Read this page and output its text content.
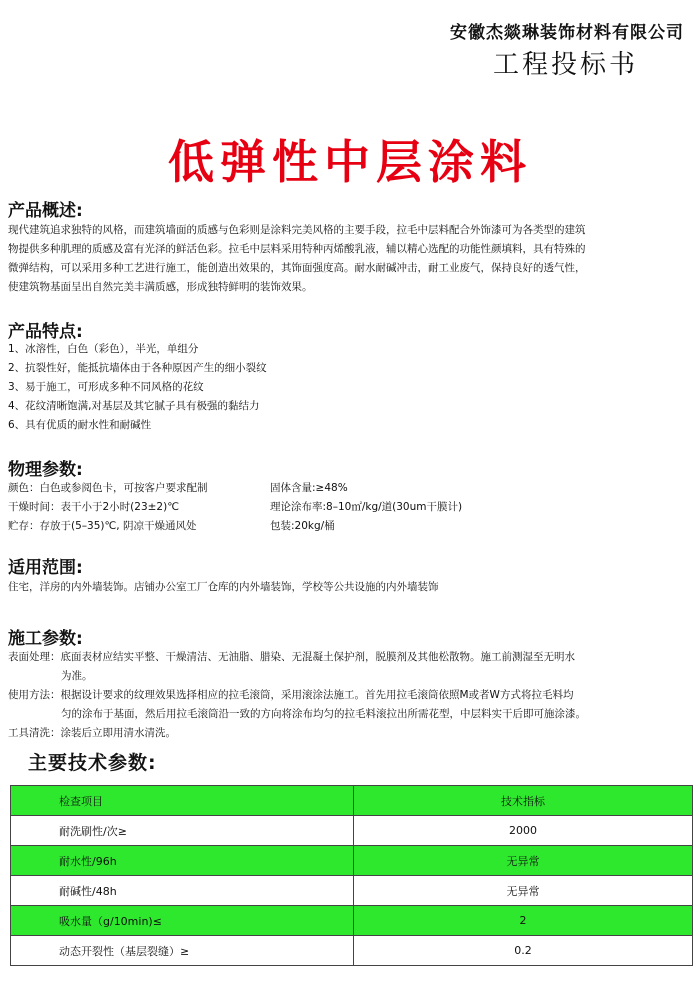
安徽杰燚琳装饰材料有限公司
工程投标书
低弹性中层涂料
产品概述:
现代建筑追求独特的风格，而建筑墙面的质感与色彩则是涂料完美风格的主要手段，拉毛中层料配合外饰漆可为各类型的建筑
物提供多种肌理的质感及富有光泽的鲜活色彩。拉毛中层料采用特种丙烯酸乳液，辅以精心选配的功能性颜填料，具有特殊的
微弹结构，可以采用多种工艺进行施工，能创造出效果的，其饰面强度高。耐水耐碱冲击，耐工业废气，保持良好的透气性，
使建筑物基面呈出自然完美丰满质感，形成独特鲜明的装饰效果。
产品特点:
1、冰溶性，白色（彩色），半光，单组分
2、抗裂性好，能抵抗墙体由于各种原因产生的细小裂纹
3、易于施工，可形成多种不同风格的花纹
4、花纹清晰饱满,对基层及其它腻子具有极强的黏结力
6、具有优质的耐水性和耐碱性
物理参数:
颜色：白色或参阅色卡，可按客户要求配制	固体含量:≥48%
干燥时间：表干小于2小时(23±2)℃	理论涂布率:8–10㎡/kg/道(30um干膜计)
贮存：存放于(5–35)℃, 阴凉干燥通风处	包装:20kg/桶
适用范围:
住宅，洋房的内外墙装饰。店铺办公室工厂仓库的内外墙装饰，学校等公共设施的内外墙装饰
施工参数:
表面处理：底面表材应结实平整、干燥清洁、无油脂、腊染、无混凝土保护剂，脱膜剂及其他松散物。施工前测湿至无明水
为准。
使用方法：根据设计要求的纹理效果选择相应的拉毛滚筒，采用滚涂法施工。首先用拉毛滚筒依照M或者W方式将拉毛料均
匀的涂布于基面，然后用拉毛滚筒沿一致的方向将涂布均匀的拉毛料滚拉出所需花型，中层料实干后即可施涂漆。
工具清洗：涂装后立即用清水清洗。
主要技术参数:
检查项目	技术指标
耐洗刷性/次≥	2000
耐水性/96h	无异常
耐碱性/48h	无异常
吸水量（g/10min)≤	2
动态开裂性（基层裂缝）≥	0.2
